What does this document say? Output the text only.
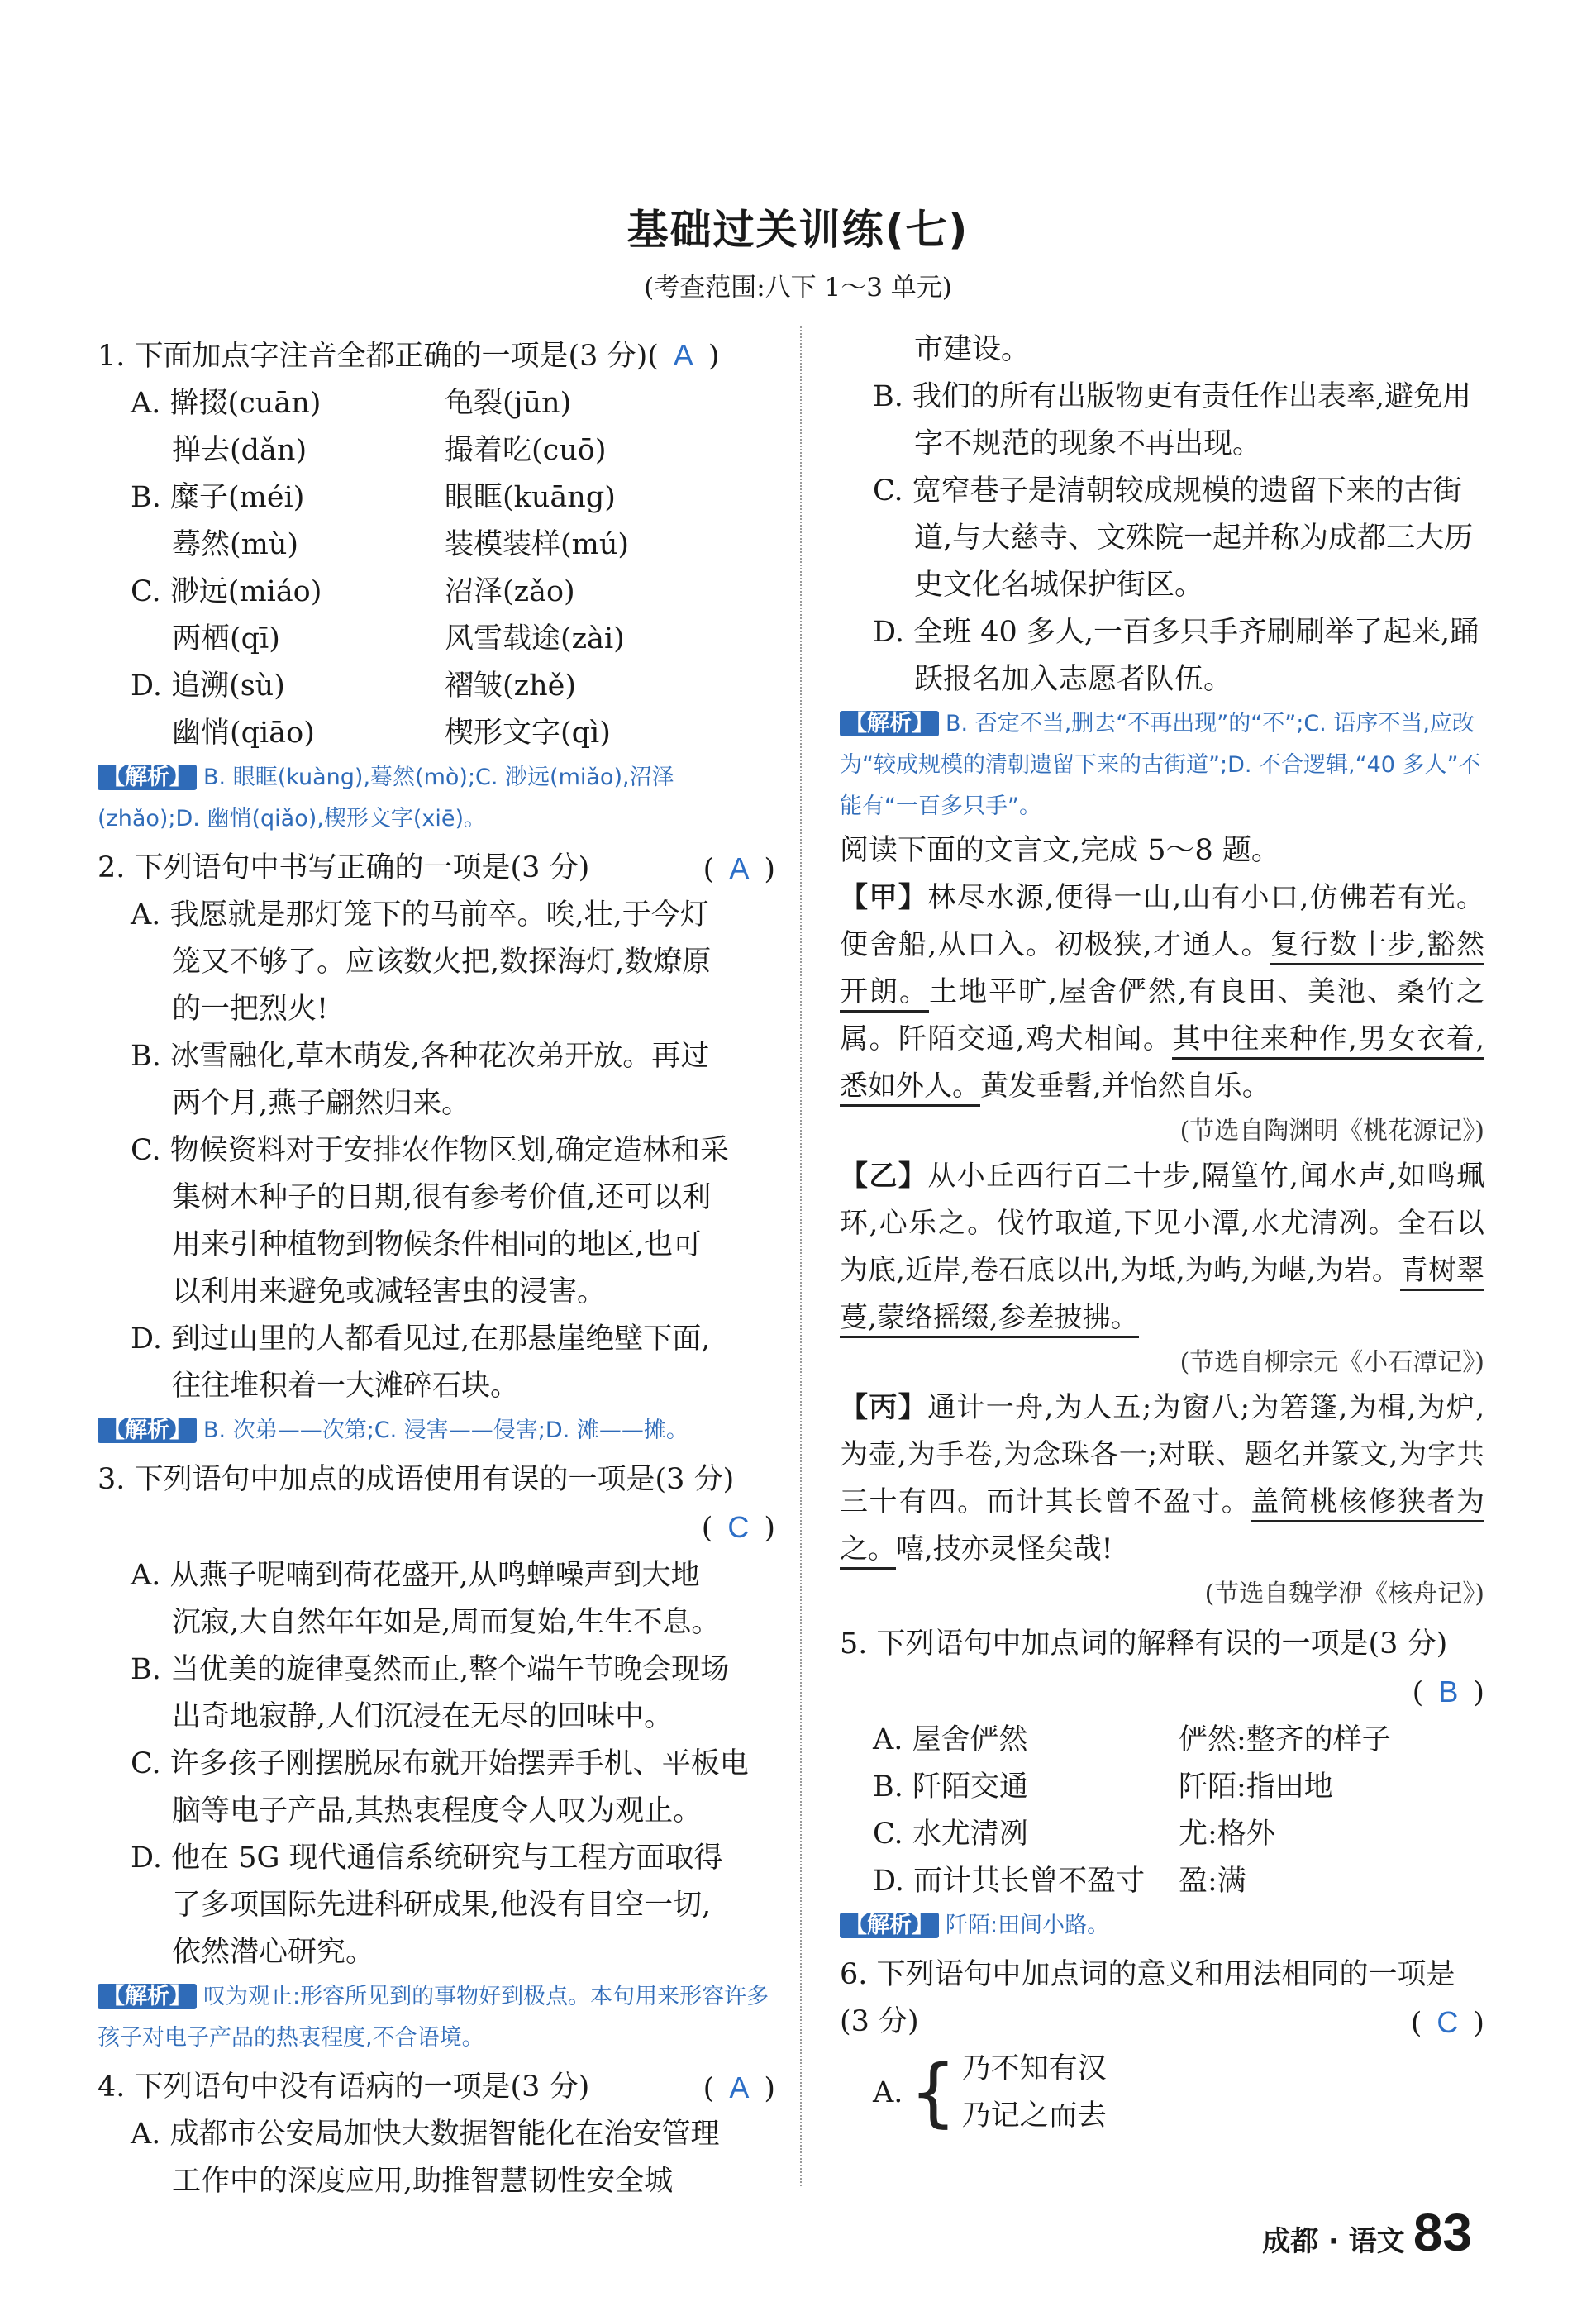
基础过关训练(七)
(考查范围:八下 1～3 单元)
1. 下面加点字注音全都正确的一项是(3 分)( A )
A. 擀掇(cuān)	龟裂(jūn)
掸去(dǎn)	撮着吃(cuō)
B. 糜子(méi)	眼眶(kuāng)
蓦然(mù)	装模装样(mú)
C. 渺远(miáo)	沼泽(zǎo)
两栖(qī)	风雪载途(zài)
D. 追溯(sù)	褶皱(zhě)
幽悄(qiāo)	楔形文字(qì)
【解析】 B. 眼眶(kuàng),蓦然(mò);C. 渺远(miǎo),沼泽(zhǎo);D. 幽悄(qiǎo),楔形文字(xiē)。
2. 下列语句中书写正确的一项是(3 分)	( A )
A. 我愿就是那灯笼下的马前卒。唉,壮,于今灯
笼又不够了。应该数火把,数探海灯,数燎原
的一把烈火!
B. 冰雪融化,草木萌发,各种花次弟开放。再过
两个月,燕子翩然归来。
C. 物候资料对于安排农作物区划,确定造林和采
集树木种子的日期,很有参考价值,还可以利
用来引种植物到物候条件相同的地区,也可
以利用来避免或减轻害虫的浸害。
D. 到过山里的人都看见过,在那悬崖绝壁下面,
往往堆积着一大滩碎石块。
【解析】 B. 次弟——次第;C. 浸害——侵害;D. 滩——摊。
3. 下列语句中加点的成语使用有误的一项是(3 分)
( C )
A. 从燕子呢喃到荷花盛开,从鸣蝉噪声到大地
沉寂,大自然年年如是,周而复始,生生不息。
B. 当优美的旋律戛然而止,整个端午节晚会现场
出奇地寂静,人们沉浸在无尽的回味中。
C. 许多孩子刚摆脱尿布就开始摆弄手机、平板电
脑等电子产品,其热衷程度令人叹为观止。
D. 他在 5G 现代通信系统研究与工程方面取得
了多项国际先进科研成果,他没有目空一切,
依然潜心研究。
【解析】 叹为观止:形容所见到的事物好到极点。本句用来形容许多孩子对电子产品的热衷程度,不合语境。
4. 下列语句中没有语病的一项是(3 分)	( A )
A. 成都市公安局加快大数据智能化在治安管理
工作中的深度应用,助推智慧韧性安全城
市建设。
B. 我们的所有出版物更有责任作出表率,避免用
字不规范的现象不再出现。
C. 宽窄巷子是清朝较成规模的遗留下来的古街
道,与大慈寺、文殊院一起并称为成都三大历
史文化名城保护街区。
D. 全班 40 多人,一百多只手齐刷刷举了起来,踊
跃报名加入志愿者队伍。
【解析】 B. 否定不当,删去“不再出现”的“不”;C. 语序不当,应改为“较成规模的清朝遗留下来的古街道”;D. 不合逻辑,“40 多人”不能有“一百多只手”。
阅读下面的文言文,完成 5～8 题。
【甲】林尽水源,便得一山,山有小口,仿佛若有光。便舍船,从口入。初极狭,才通人。复行数十步,豁然开朗。土地平旷,屋舍俨然,有良田、美池、桑竹之属。阡陌交通,鸡犬相闻。其中往来种作,男女衣着,悉如外人。黄发垂髫,并怡然自乐。
(节选自陶渊明《桃花源记》)
【乙】从小丘西行百二十步,隔篁竹,闻水声,如鸣珮环,心乐之。伐竹取道,下见小潭,水尤清冽。全石以为底,近岸,卷石底以出,为坻,为屿,为嵁,为岩。青树翠蔓,蒙络摇缀,参差披拂。
(节选自柳宗元《小石潭记》)
【丙】通计一舟,为人五;为窗八;为箬篷,为楫,为炉,为壶,为手卷,为念珠各一;对联、题名并篆文,为字共三十有四。而计其长曾不盈寸。盖简桃核修狭者为之。嘻,技亦灵怪矣哉!
(节选自魏学洢《核舟记》)
5. 下列语句中加点词的解释有误的一项是(3 分)
( B )
A. 屋舍俨然	俨然:整齐的样子
B. 阡陌交通	阡陌:指田地
C. 水尤清冽	尤:格外
D. 而计其长曾不盈寸	盈:满
【解析】 阡陌:田间小路。
6. 下列语句中加点词的意义和用法相同的一项是
(3 分)	( C )
A. { 乃不知有汉
乃记之而去
成都 · 语文 83
